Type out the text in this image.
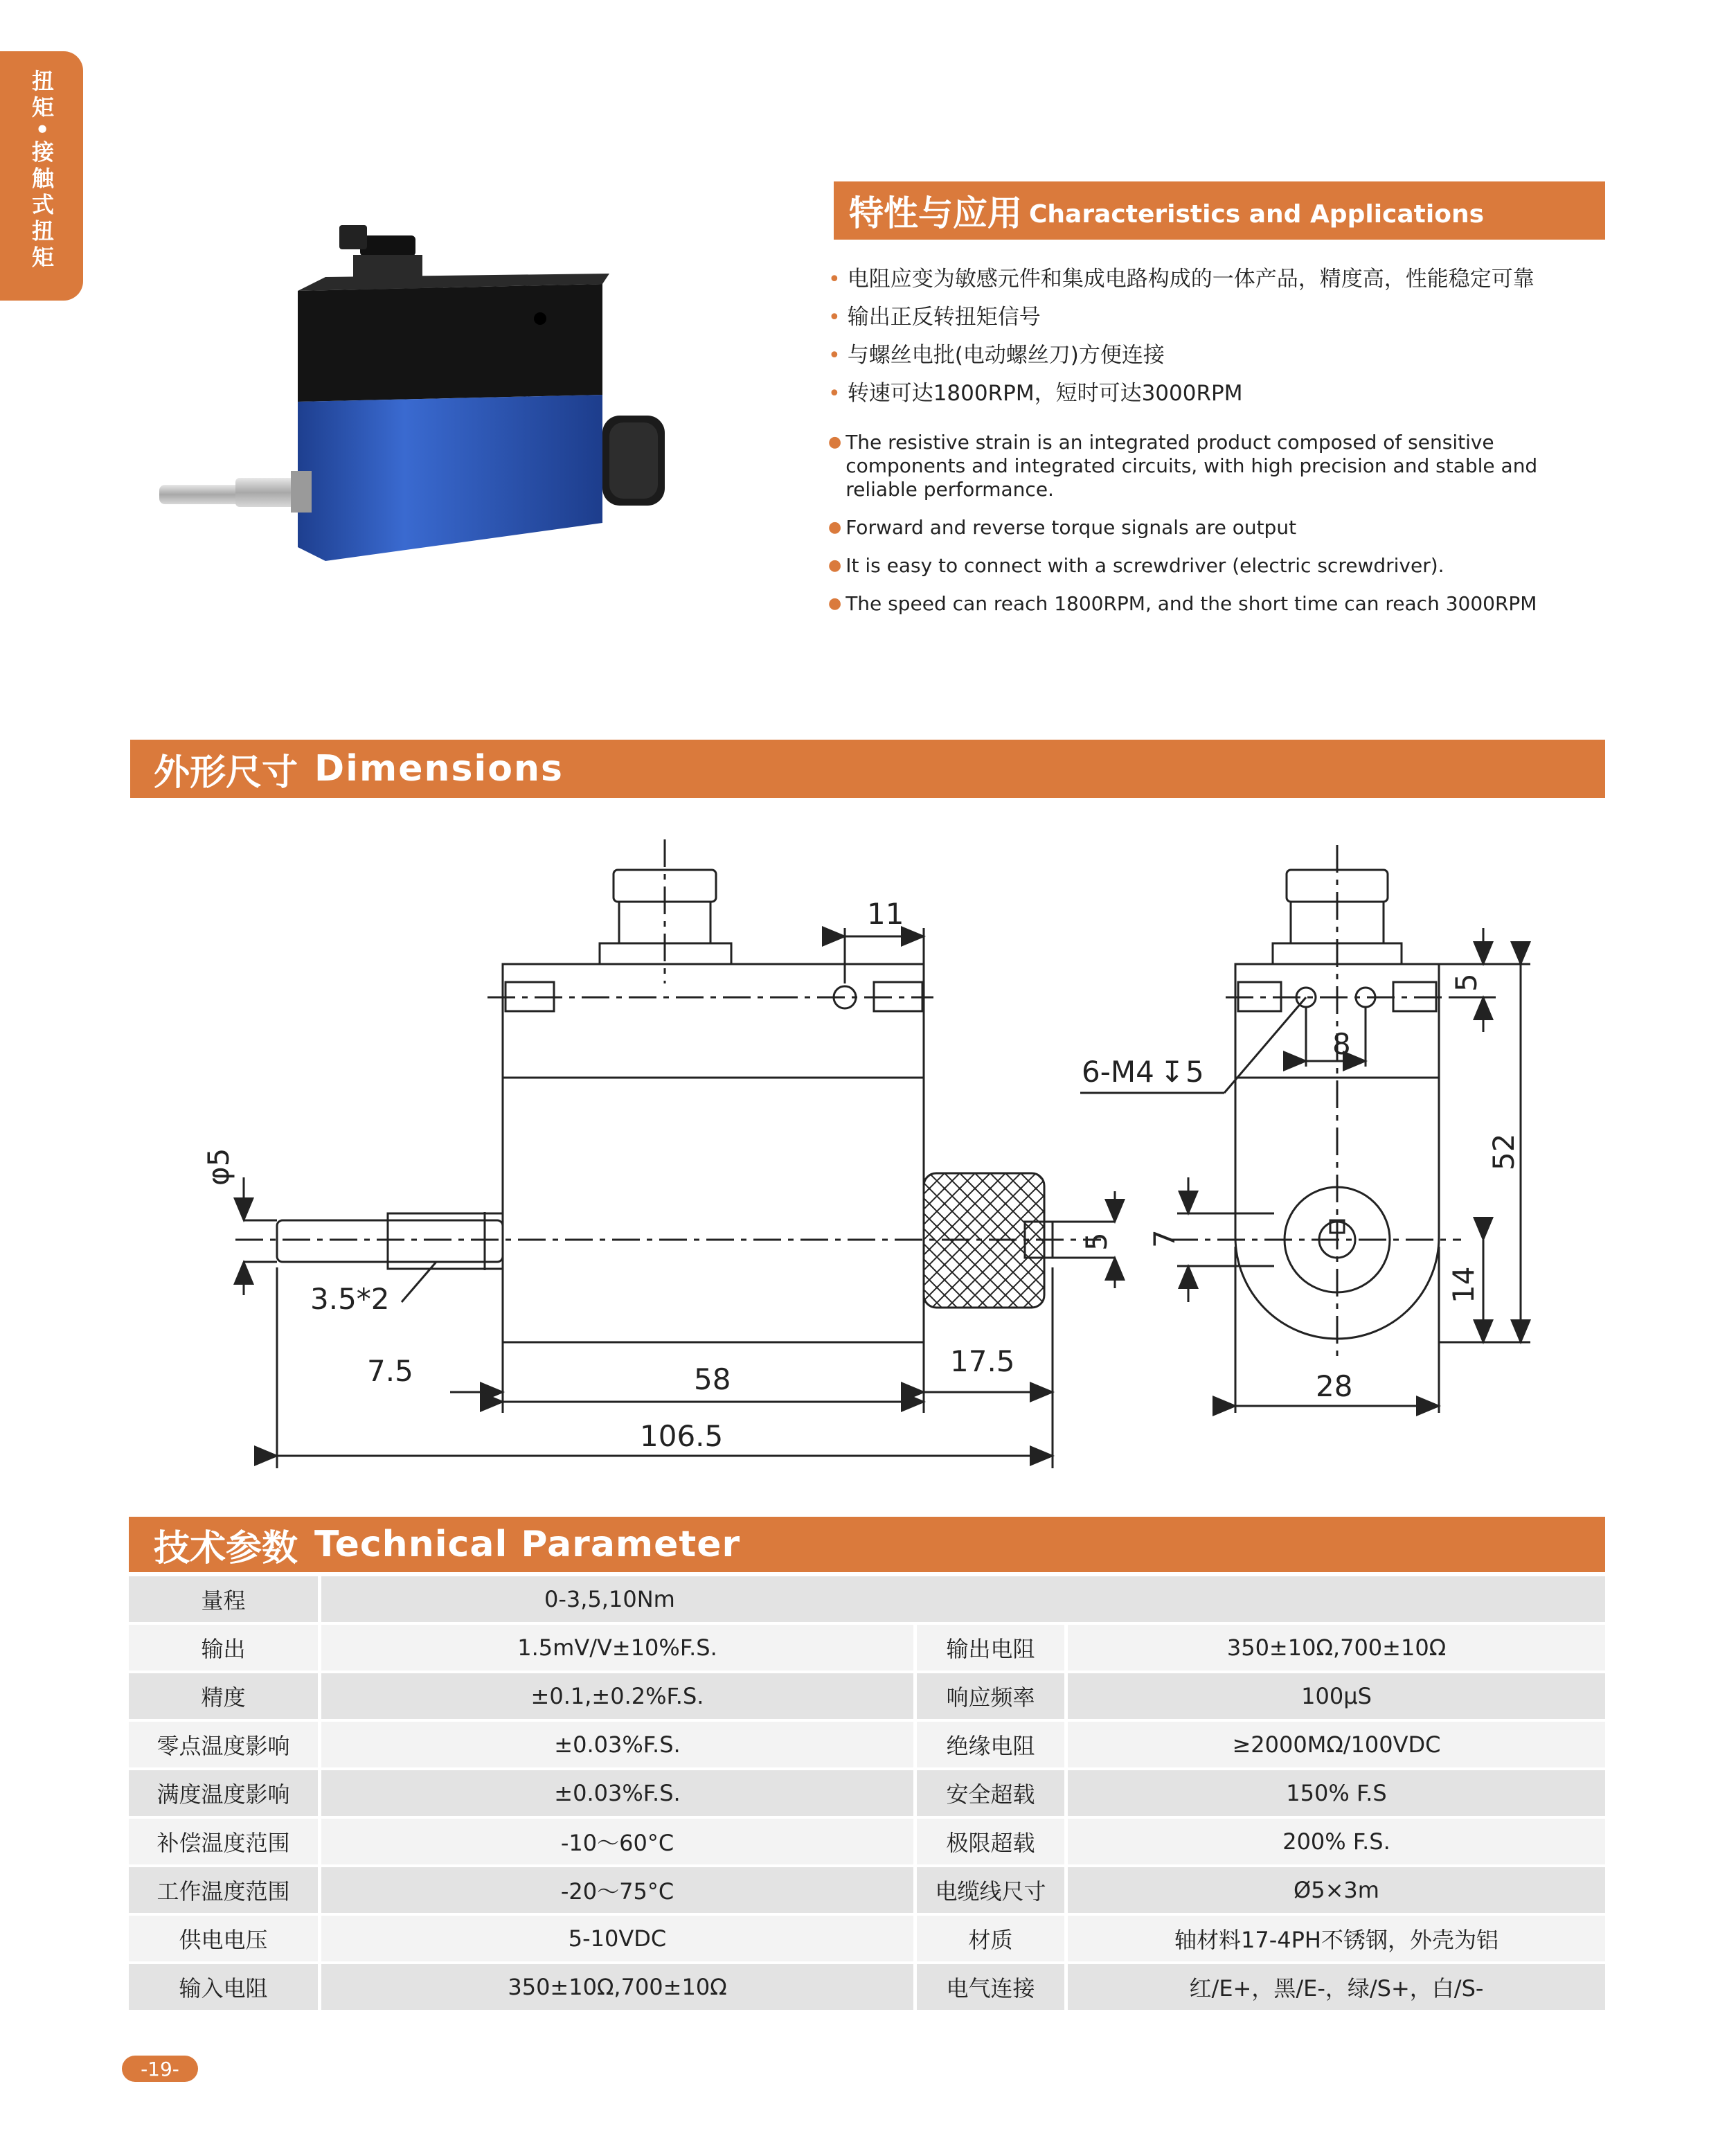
扭矩•接触式扭矩	特性与应用 Characteristics and Applications
• 电阻应变为敏感元件和集成电路构成的一体产品，精度高，性能稳定可靠
• 输出正反转扭矩信号
• 与螺丝电批(电动螺丝刀)方便连接
• 转速可达1800RPM，短时可达3000RPM
● The resistive strain is an integrated product composed of sensitive components and integrated circuits, with high precision and stable and reliable performance.
● Forward and reverse torque signals are output
● It is easy to connect with a screwdriver (electric screwdriver).
● The speed can reach 1800RPM, and the short time can reach 3000RPM
外形尺寸 Dimensions
11
6-M4 ↧ 5
8
5
52
φ5
3.5*2
5 7
14
7.5	58
17.5
28
106.5
技术参数 Technical Parameter
量程	0-3,5,10Nm		
输出	1.5mV/V±10%F.S.	输出电阻	350±10Ω,700±10Ω
精度	±0.1,±0.2%F.S.	响应频率	100μS
零点温度影响	±0.03%F.S.	绝缘电阻	≥2000MΩ/100VDC
满度温度影响	±0.03%F.S.	安全超载	150% F.S
补偿温度范围	-10～60°C	极限超载	200% F.S.
工作温度范围	-20～75°C	电缆线尺寸	Ø5×3m
供电电压	5-10VDC	材质	轴材料17-4PH不锈钢，外壳为铝
输入电阻	350±10Ω,700±10Ω	电气连接	红/E+，黑/E-，绿/S+，白/S-
-19-
